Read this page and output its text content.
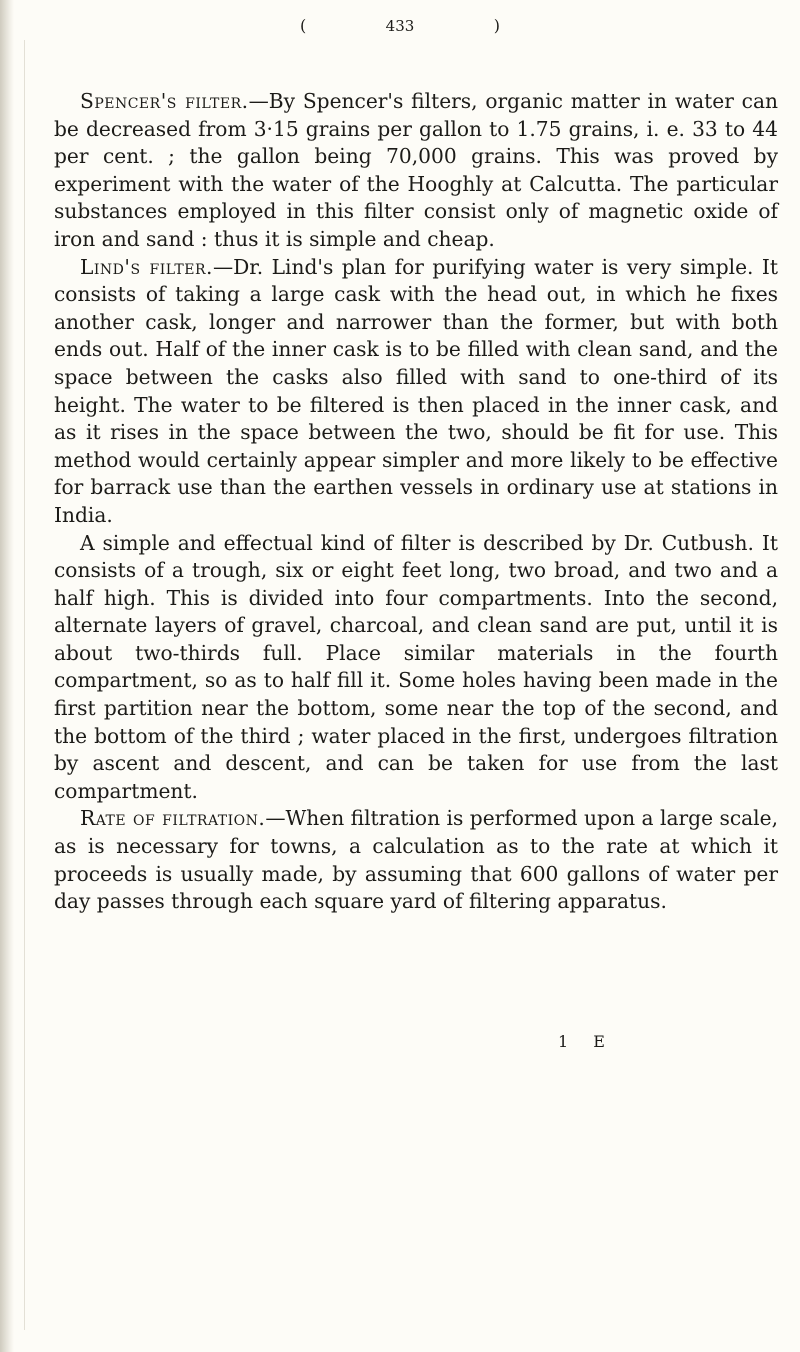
(	433	)

Spencer's filter.—By Spencer's filters, organic matter in water can be decreased from 3·15 grains per gallon to 1.75 grains, i. e. 33 to 44 per cent. ; the gallon being 70,000 grains. This was proved by experiment with the water of the Hooghly at Calcutta. The particular substances employed in this filter consist only of magnetic oxide of iron and sand : thus it is simple and cheap.

Lind's filter.—Dr. Lind's plan for purifying water is very simple. It consists of taking a large cask with the head out, in which he fixes another cask, longer and narrower than the former, but with both ends out. Half of the inner cask is to be filled with clean sand, and the space between the casks also filled with sand to one-third of its height. The water to be filtered is then placed in the inner cask, and as it rises in the space between the two, should be fit for use. This method would certainly appear simpler and more likely to be effective for barrack use than the earthen vessels in ordinary use at stations in India.

A simple and effectual kind of filter is described by Dr. Cutbush. It consists of a trough, six or eight feet long, two broad, and two and a half high. This is divided into four compartments. Into the second, alternate layers of gravel, charcoal, and clean sand are put, until it is about two-thirds full. Place similar materials in the fourth compartment, so as to half fill it. Some holes having been made in the first partition near the bottom, some near the top of the second, and the bottom of the third ; water placed in the first, undergoes filtration by ascent and descent, and can be taken for use from the last compartment.

Rate of filtration.—When filtration is performed upon a large scale, as is necessary for towns, a calculation as to the rate at which it proceeds is usually made, by assuming that 600 gallons of water per day passes through each square yard of filtering apparatus.

1 E
